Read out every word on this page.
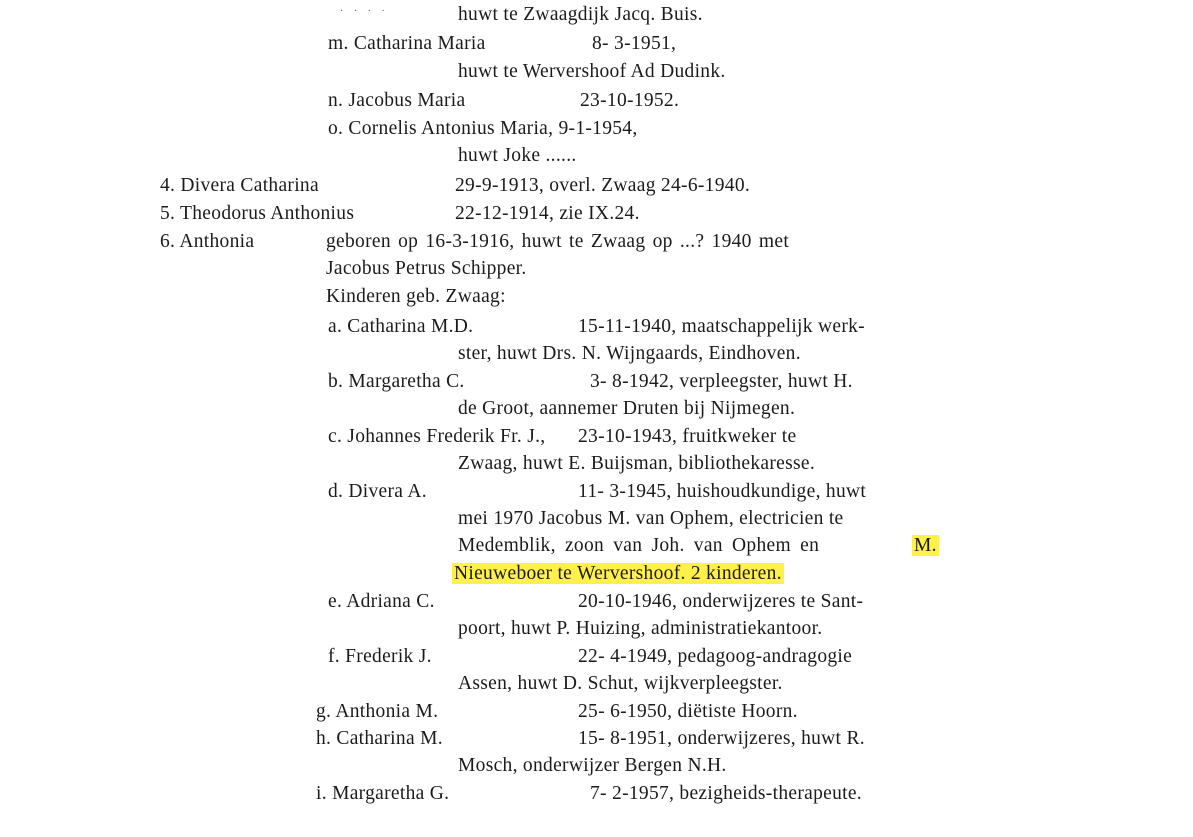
· · · ·	huwt te Zwaagdijk Jacq. Buis.
m. Catharina Maria	8- 3-1951,
huwt te Wervershoof Ad Dudink.
n. Jacobus Maria	23-10-1952.
o. Cornelis Antonius Maria, 9-1-1954,
huwt Joke ......
4. Divera Catharina	29-9-1913, overl. Zwaag 24-6-1940.
5. Theodorus Anthonius	22-12-1914, zie IX.24.
6. Anthonia	geboren op 16-3-1916, huwt te Zwaag op ...? 1940 met
Jacobus Petrus Schipper.
Kinderen geb. Zwaag:
a. Catharina M.D.	15-11-1940, maatschappelijk werk-
ster, huwt Drs. N. Wijngaards, Eindhoven.
b. Margaretha C.	3- 8-1942, verpleegster, huwt H.
de Groot, aannemer Druten bij Nijmegen.
c. Johannes Frederik Fr. J., 23-10-1943, fruitkweker te
Zwaag, huwt E. Buijsman, bibliothekaresse.
d. Divera A.	11- 3-1945, huishoudkundige, huwt
mei 1970 Jacobus M. van Ophem, electricien te
Medemblik, zoon van Joh. van Ophem en	M.
Nieuweboer te Wervershoof. 2 kinderen.
e. Adriana C.	20-10-1946, onderwijzeres te Sant-
poort, huwt P. Huizing, administratiekantoor.
f. Frederik J.	22- 4-1949, pedagoog-andragogie
Assen, huwt D. Schut, wijkverpleegster.
g. Anthonia M.	25- 6-1950, diëtiste Hoorn.
h. Catharina M.	15- 8-1951, onderwijzeres, huwt R.
Mosch, onderwijzer Bergen N.H.
i. Margaretha G.	7- 2-1957, bezigheids-therapeute.
